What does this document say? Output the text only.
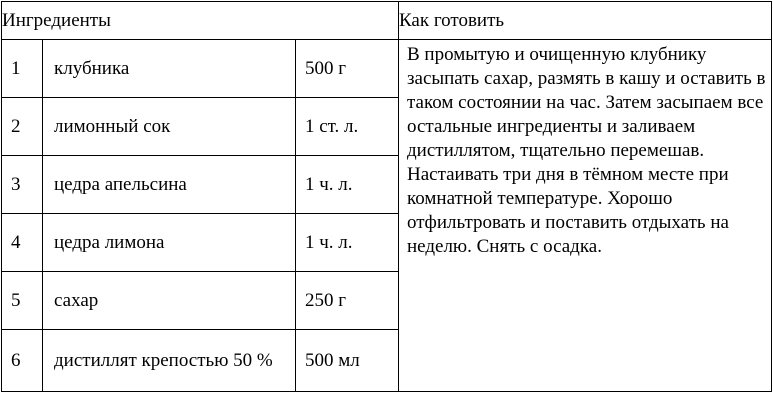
Ингредиенты			Как готовить
1	клубника	500 г	В промытую и очищенную клубнику засыпать сахар, размять в кашу и оставить в таком состоянии на час. Затем засыпаем все остальные ингредиенты и заливаем дистиллятом, тщательно перемешав. Настаивать три дня в тёмном месте при комнатной температуре. Хорошо отфильтровать и поставить отдыхать на неделю. Снять с осадка.
2	лимонный сок	1 ст. л.	
3	цедра апельсина	1 ч. л.	
4	цедра лимона	1 ч. л.	
5	сахар	250 г	
6	дистиллят крепостью 50 %	500 мл	
